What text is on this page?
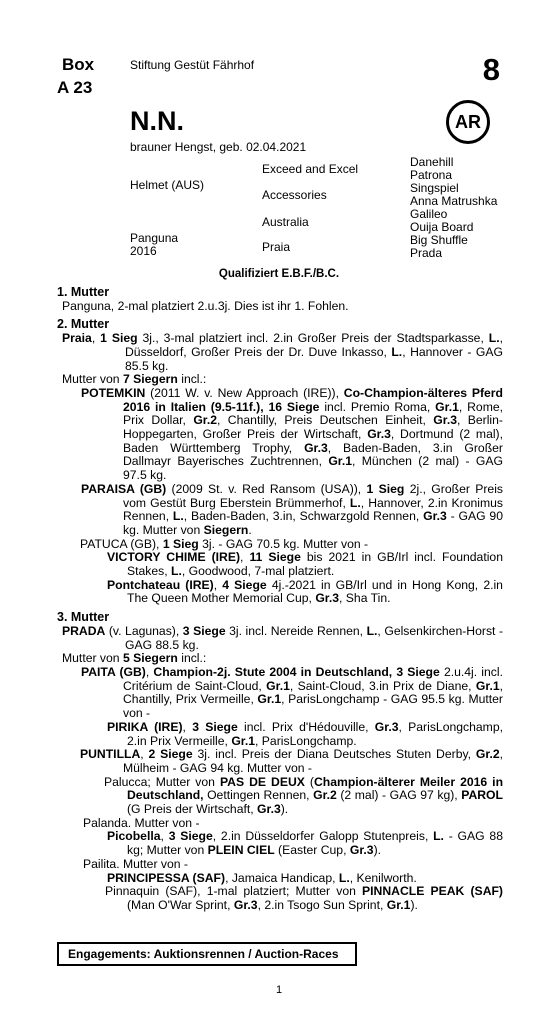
Box
A 23
Stiftung Gestüt Fährhof	8
AR
N.N.
brauner Hengst, geb. 02.04.2021
Helmet (AUS)
Panguna
2016
Exceed and Excel
Accessories
Australia
Praia
Danehill
Patrona
Singspiel
Anna Matrushka
Galileo
Ouija Board
Big Shuffle
Prada
Qualifiziert E.B.F./B.C.
1. Mutter
Panguna, 2-mal platziert 2.u.3j. Dies ist ihr 1. Fohlen.
2. Mutter
Praia, 1 Sieg 3j., 3-mal platziert incl. 2.in Großer Preis der Stadtsparkasse, L., Düsseldorf, Großer Preis der Dr. Duve Inkasso, L., Hannover - GAG 85.5 kg.
Mutter von 7 Siegern incl.:
POTEMKIN (2011 W. v. New Approach (IRE)), Co-Champion-älteres Pferd 2016 in Italien (9.5-11f.), 16 Siege incl. Premio Roma, Gr.1, Rome, Prix Dollar, Gr.2, Chantilly, Preis Deutschen Einheit, Gr.3, Berlin-Hoppegarten, Großer Preis der Wirtschaft, Gr.3, Dortmund (2 mal), Baden Württemberg Trophy, Gr.3, Baden-Baden, 3.in Großer Dallmayr Bayerisches Zuchtrennen, Gr.1, München (2 mal) - GAG 97.5 kg.
PARAISA (GB) (2009 St. v. Red Ransom (USA)), 1 Sieg 2j., Großer Preis vom Gestüt Burg Eberstein Brümmerhof, L., Hannover, 2.in Kronimus Rennen, L., Baden-Baden, 3.in, Schwarzgold Rennen, Gr.3 - GAG 90 kg. Mutter von Siegern.
PATUCA (GB), 1 Sieg 3j. - GAG 70.5 kg. Mutter von -
VICTORY CHIME (IRE), 11 Siege bis 2021 in GB/Irl incl. Foundation Stakes, L., Goodwood, 7-mal platziert.
Pontchateau (IRE), 4 Siege 4j.-2021 in GB/Irl und in Hong Kong, 2.in The Queen Mother Memorial Cup, Gr.3, Sha Tin.
3. Mutter
PRADA (v. Lagunas), 3 Siege 3j. incl. Nereide Rennen, L., Gelsenkirchen-Horst - GAG 88.5 kg.
Mutter von 5 Siegern incl.:
PAITA (GB), Champion-2j. Stute 2004 in Deutschland, 3 Siege 2.u.4j. incl. Critérium de Saint-Cloud, Gr.1, Saint-Cloud, 3.in Prix de Diane, Gr.1, Chantilly, Prix Vermeille, Gr.1, ParisLongchamp - GAG 95.5 kg. Mutter von -
PIRIKA (IRE), 3 Siege incl. Prix d'Hédouville, Gr.3, ParisLongchamp, 2.in Prix Vermeille, Gr.1, ParisLongchamp.
PUNTILLA, 2 Siege 3j. incl. Preis der Diana Deutsches Stuten Derby, Gr.2, Mülheim - GAG 94 kg. Mutter von -
Palucca; Mutter von PAS DE DEUX (Champion-älterer Meiler 2016 in Deutschland, Oettingen Rennen, Gr.2 (2 mal) - GAG 97 kg), PAROL (G Preis der Wirtschaft, Gr.3).
Palanda. Mutter von -
Picobella, 3 Siege, 2.in Düsseldorfer Galopp Stutenpreis, L. - GAG 88 kg; Mutter von PLEIN CIEL (Easter Cup, Gr.3).
Pailita. Mutter von -
PRINCIPESSA (SAF), Jamaica Handicap, L., Kenilworth.
Pinnaquin (SAF), 1-mal platziert; Mutter von PINNACLE PEAK (SAF) (Man O'War Sprint, Gr.3, 2.in Tsogo Sun Sprint, Gr.1).
Engagements: Auktionsrennen / Auction-Races
1
